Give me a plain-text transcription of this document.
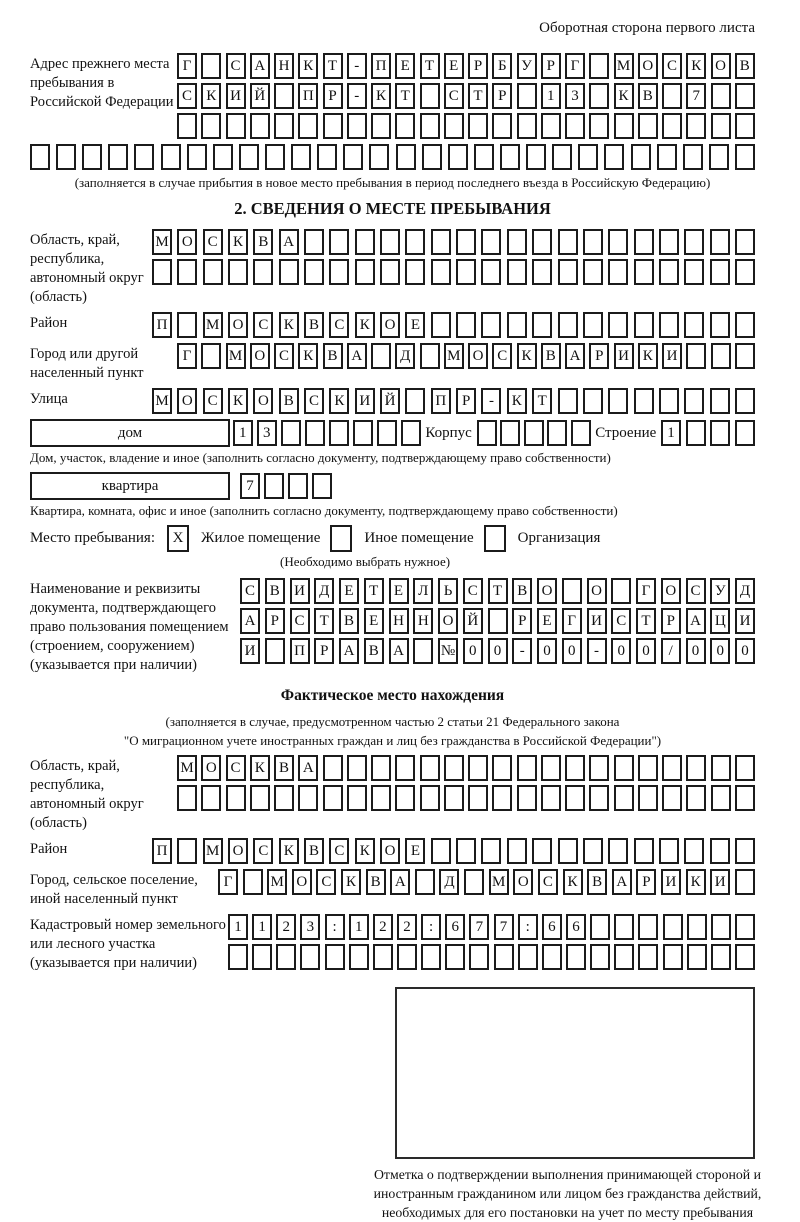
Оборотная сторона первого листа
Адрес прежнего места пребывания в Российской Федерации
Г	С А Н К Т	-	П Е	Т	Е	Р	Б У Р	Г	М О С К О В
С К И Й	П Р	-	К Т	С Т	Р	1	3	К В	7
(заполняется в случае прибытия в новое место пребывания в период последнего въезда в Российскую Федерацию)
2. СВЕДЕНИЯ О МЕСТЕ ПРЕБЫВАНИЯ
Область, край, республика, автономный округ (область)
М О С	К	В А
Район	П	М О С	К	В	С	К О	Е
Город или другой населенный пункт
Г	М О С К В А	Д	М О С К В А Р И К И
Улица	М О С	К О В	С	К И Й	П	Р	-	К	Т
дом	1	3	Корпус	Строение 1
Дом, участок, владение и иное (заполнить согласно документу, подтверждающему право собственности)
квартира	7
Квартира, комната, офис и иное (заполнить согласно документу, подтверждающему право собственности)
Место пребывания:	X	Жилое помещение	Иное помещение	Организация
(Необходимо выбрать нужное)
Наименование и реквизиты документа, подтверждающего право пользования помещением (строением, сооружением) (указывается при наличии)
С В И Д	Е	Т	Е	Л	Ь	С	Т	В О	О	Г	О С У Д
А	Р	С	Т	В	Е Н Н О Й	Р	Е	Г	И С	Т	Р	А Ц И
И	П	Р	А В А	№ 0	0	-	0	0	-	0	0	/	0	0	0
Фактическое место нахождения
(заполняется в случае, предусмотренном частью 2 статьи 21 Федерального закона
"О миграционном учете иностранных граждан и лиц без гражданства в Российской Федерации")
Область, край, республика, автономный округ (область)
М О С К В А
Район	П	М О С	К	В	С	К О	Е
Город, сельское поселение, иной населенный пункт
Г	М О С К В А	Д	М О С К В А	Р	И К И
Кадастровый номер земельного или лесного участка (указывается при наличии)
1	1	2	3	:	1	2	2	:	6	7	7	:	6	6
Отметка о подтверждении выполнения принимающей стороной и иностранным гражданином или лицом без гражданства действий, необходимых для его постановки на учет по месту пребывания
